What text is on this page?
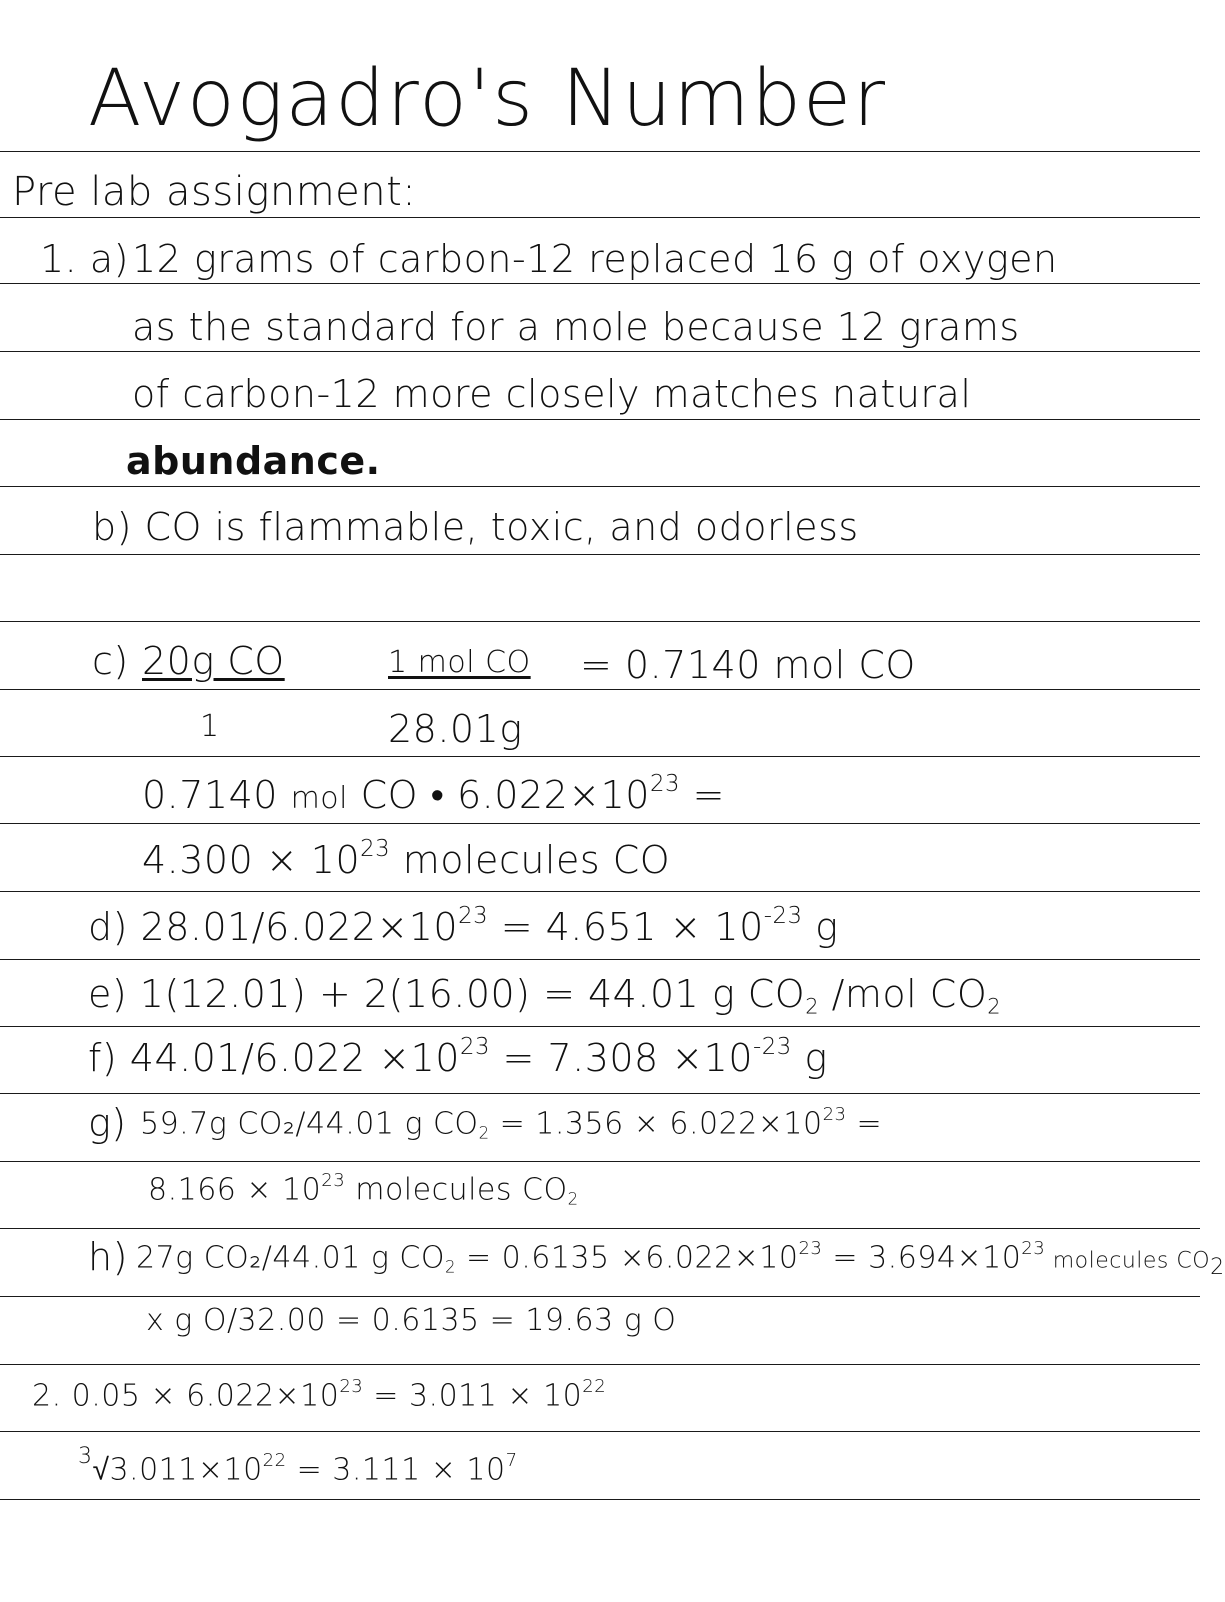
Avogadro's Number
Pre lab assignment:
1. a) 12 grams of carbon-12 replaced 16 g of oxygen
as the standard for a mole because 12 grams
of carbon-12 more closely matches natural
abundance.
b) CO is flammable, toxic, and odorless
c) 20g CO
1
1 mol CO
28.01g
= 0.7140 mol CO
0.7140 mol CO • $6.022\times 10^{23}$ =
$4.300 \times 10^{23}$ molecules CO
d) $28.01/6.022\times 10^{23} = 4.651 \times 10^{-23}$ g
e) 1(12.01) + 2(16.00) = 44.01 g $CO_2$ /mol $CO_2$
f) $44.01/6.022 \times 10^{23} = 7.308 \times 10^{-23}$ g
g) 59.7g CO₂/44.01 g $CO_2 = 1.356 \times 6.022\times 10^{23}$ =
$8.166 \times 10^{23}$ molecules $CO_2$
h) 27g CO₂/44.01 g $CO_2 = 0.6135 \times 6.022\times 10^{23} = 3.694\times 10^{23}$ molecules $CO_2$
x g O/32.00 = 0.6135 = 19.63 g O
2. $0.05 \times 6.022\times 10^{23} = 3.011 \times 10^{22}$
$^3√3.011\times 10^{22} = 3.111 \times 10^7$
